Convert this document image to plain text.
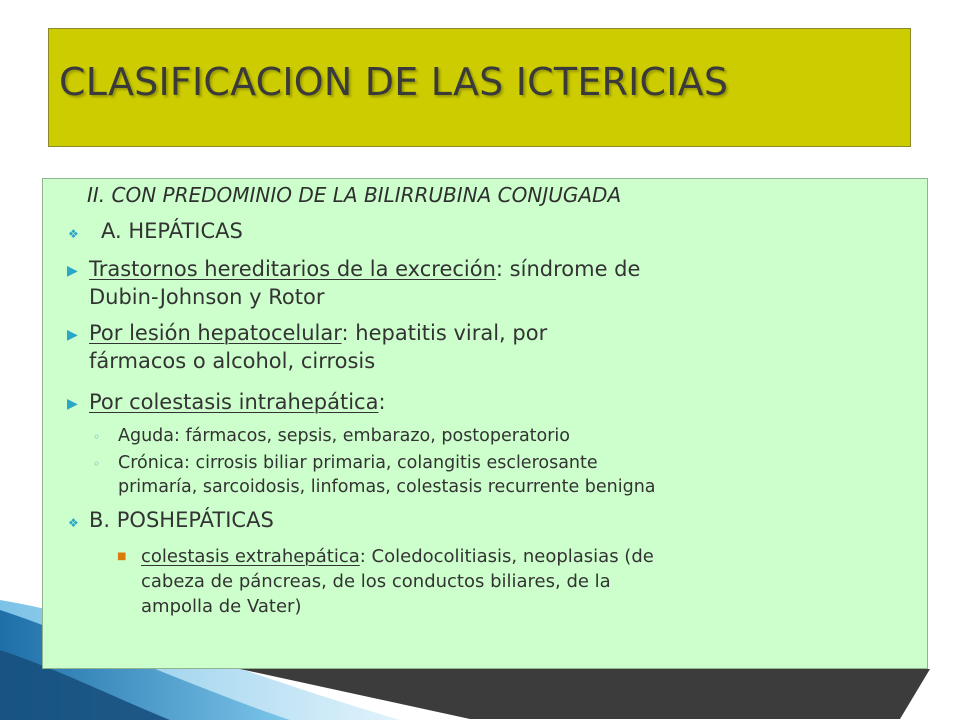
CLASIFICACION DE LAS ICTERICIAS

II. CON PREDOMINIO DE LA BILIRRUBINA CONJUGADA

❖ A. HEPÁTICAS

▶ Trastornos hereditarios de la excreción: síndrome de

Dubin-Johnson y Rotor

▶ Por lesión hepatocelular: hepatitis viral, por

fármacos o alcohol, cirrosis

▶ Por colestasis intrahepática:

◦ Aguda: fármacos, sepsis, embarazo, postoperatorio

◦ Crónica: cirrosis biliar primaria, colangitis esclerosante

primaría, sarcoidosis, linfomas, colestasis recurrente benigna

❖ B. POSHEPÁTICAS

■ colestasis extrahepática: Coledocolitiasis, neoplasias (de

cabeza de páncreas, de los conductos biliares, de la

ampolla de Vater)
